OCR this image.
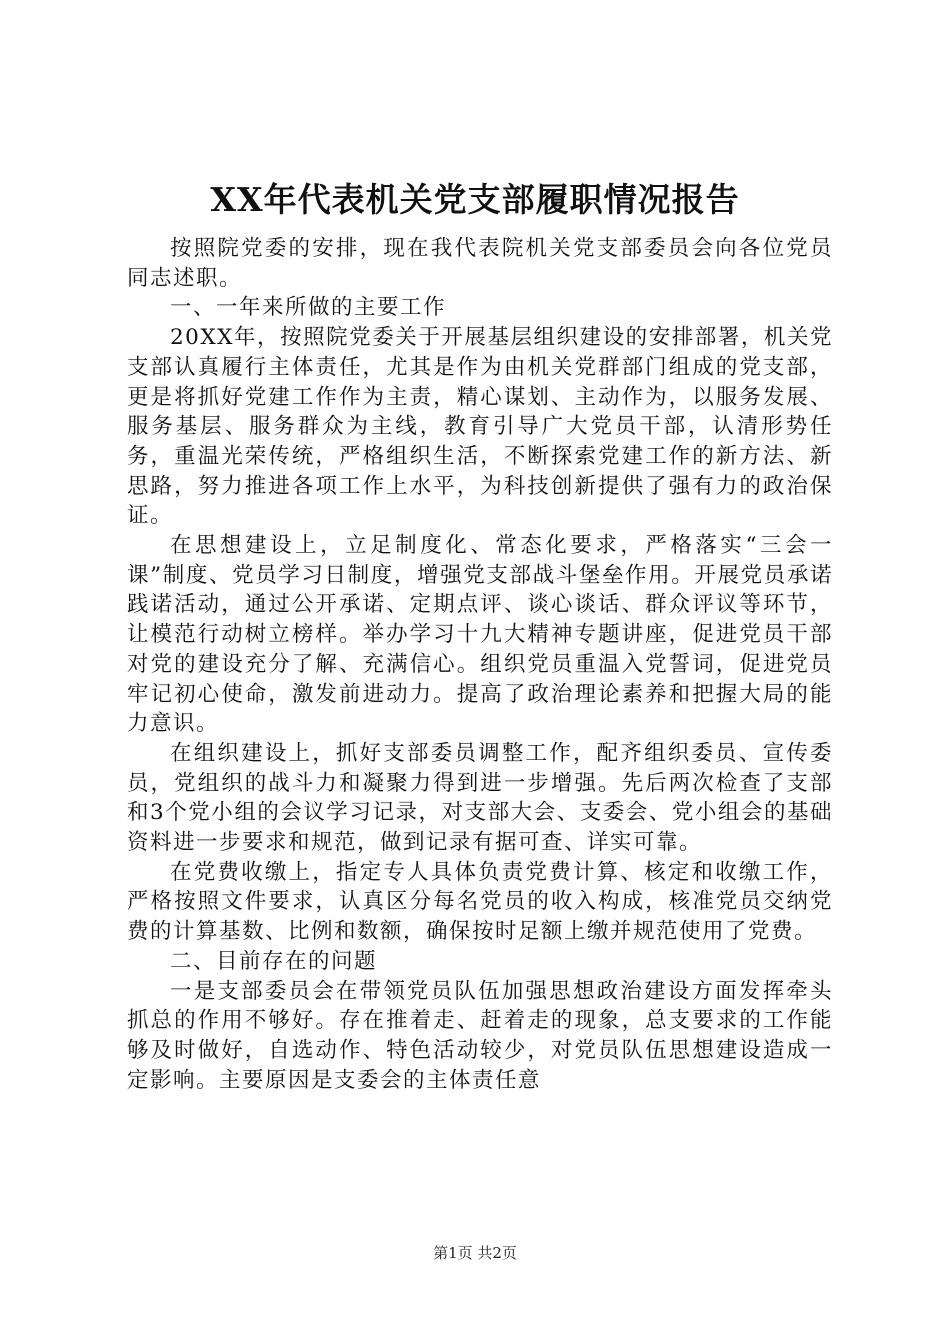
XX年代表机关党支部履职情况报告

按照院党委的安排，现在我代表院机关党支部委员会向各位党员同志述职。

一、一年来所做的主要工作

20XX年，按照院党委关于开展基层组织建设的安排部署，机关党支部认真履行主体责任，尤其是作为由机关党群部门组成的党支部，更是将抓好党建工作作为主责，精心谋划、主动作为，以服务发展、服务基层、服务群众为主线，教育引导广大党员干部，认清形势任务，重温光荣传统，严格组织生活，不断探索党建工作的新方法、新思路，努力推进各项工作上水平，为科技创新提供了强有力的政治保证。

在思想建设上，立足制度化、常态化要求，严格落实“三会一课”制度、党员学习日制度，增强党支部战斗堡垒作用。开展党员承诺践诺活动，通过公开承诺、定期点评、谈心谈话、群众评议等环节，让模范行动树立榜样。举办学习十九大精神专题讲座，促进党员干部对党的建设充分了解、充满信心。组织党员重温入党誓词，促进党员牢记初心使命，激发前进动力。提高了政治理论素养和把握大局的能力意识。

在组织建设上，抓好支部委员调整工作，配齐组织委员、宣传委员，党组织的战斗力和凝聚力得到进一步增强。先后两次检查了支部和3个党小组的会议学习记录，对支部大会、支委会、党小组会的基础资料进一步要求和规范，做到记录有据可查、详实可靠。

在党费收缴上，指定专人具体负责党费计算、核定和收缴工作，严格按照文件要求，认真区分每名党员的收入构成，核准党员交纳党费的计算基数、比例和数额，确保按时足额上缴并规范使用了党费。

二、目前存在的问题

一是支部委员会在带领党员队伍加强思想政治建设方面发挥牵头抓总的作用不够好。存在推着走、赶着走的现象，总支要求的工作能够及时做好，自选动作、特色活动较少，对党员队伍思想建设造成一定影响。主要原因是支委会的主体责任意

第1页 共2页
